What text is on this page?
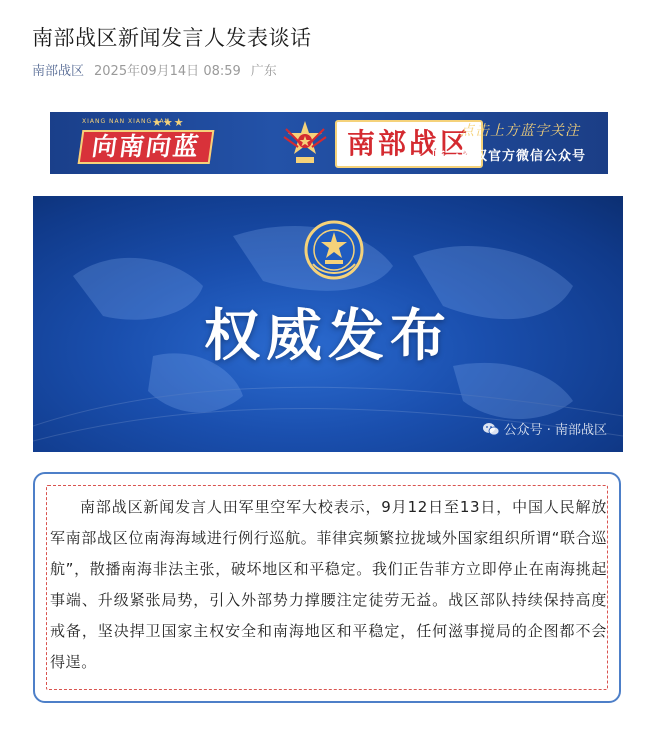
南部战区新闻发言人发表谈话
南部战区 2025年09月14日 08:59 广东
XIANG NAN XIANG LAN
★★★
向南向蓝	南部战区
点击上方蓝字关注
唯一授权官方微信公众号
权威发布
公众号 · 南部战区
南部战区新闻发言人田军里空军大校表示，9月12日至13日，中国人民解放军南部战区位南海海域进行例行巡航。菲律宾频繁拉拢域外国家组织所谓“联合巡航”，散播南海非法主张，破坏地区和平稳定。我们正告菲方立即停止在南海挑起事端、升级紧张局势，引入外部势力撑腰注定徒劳无益。战区部队持续保持高度戒备，坚决捍卫国家主权安全和南海地区和平稳定，任何滋事搅局的企图都不会得逞。
